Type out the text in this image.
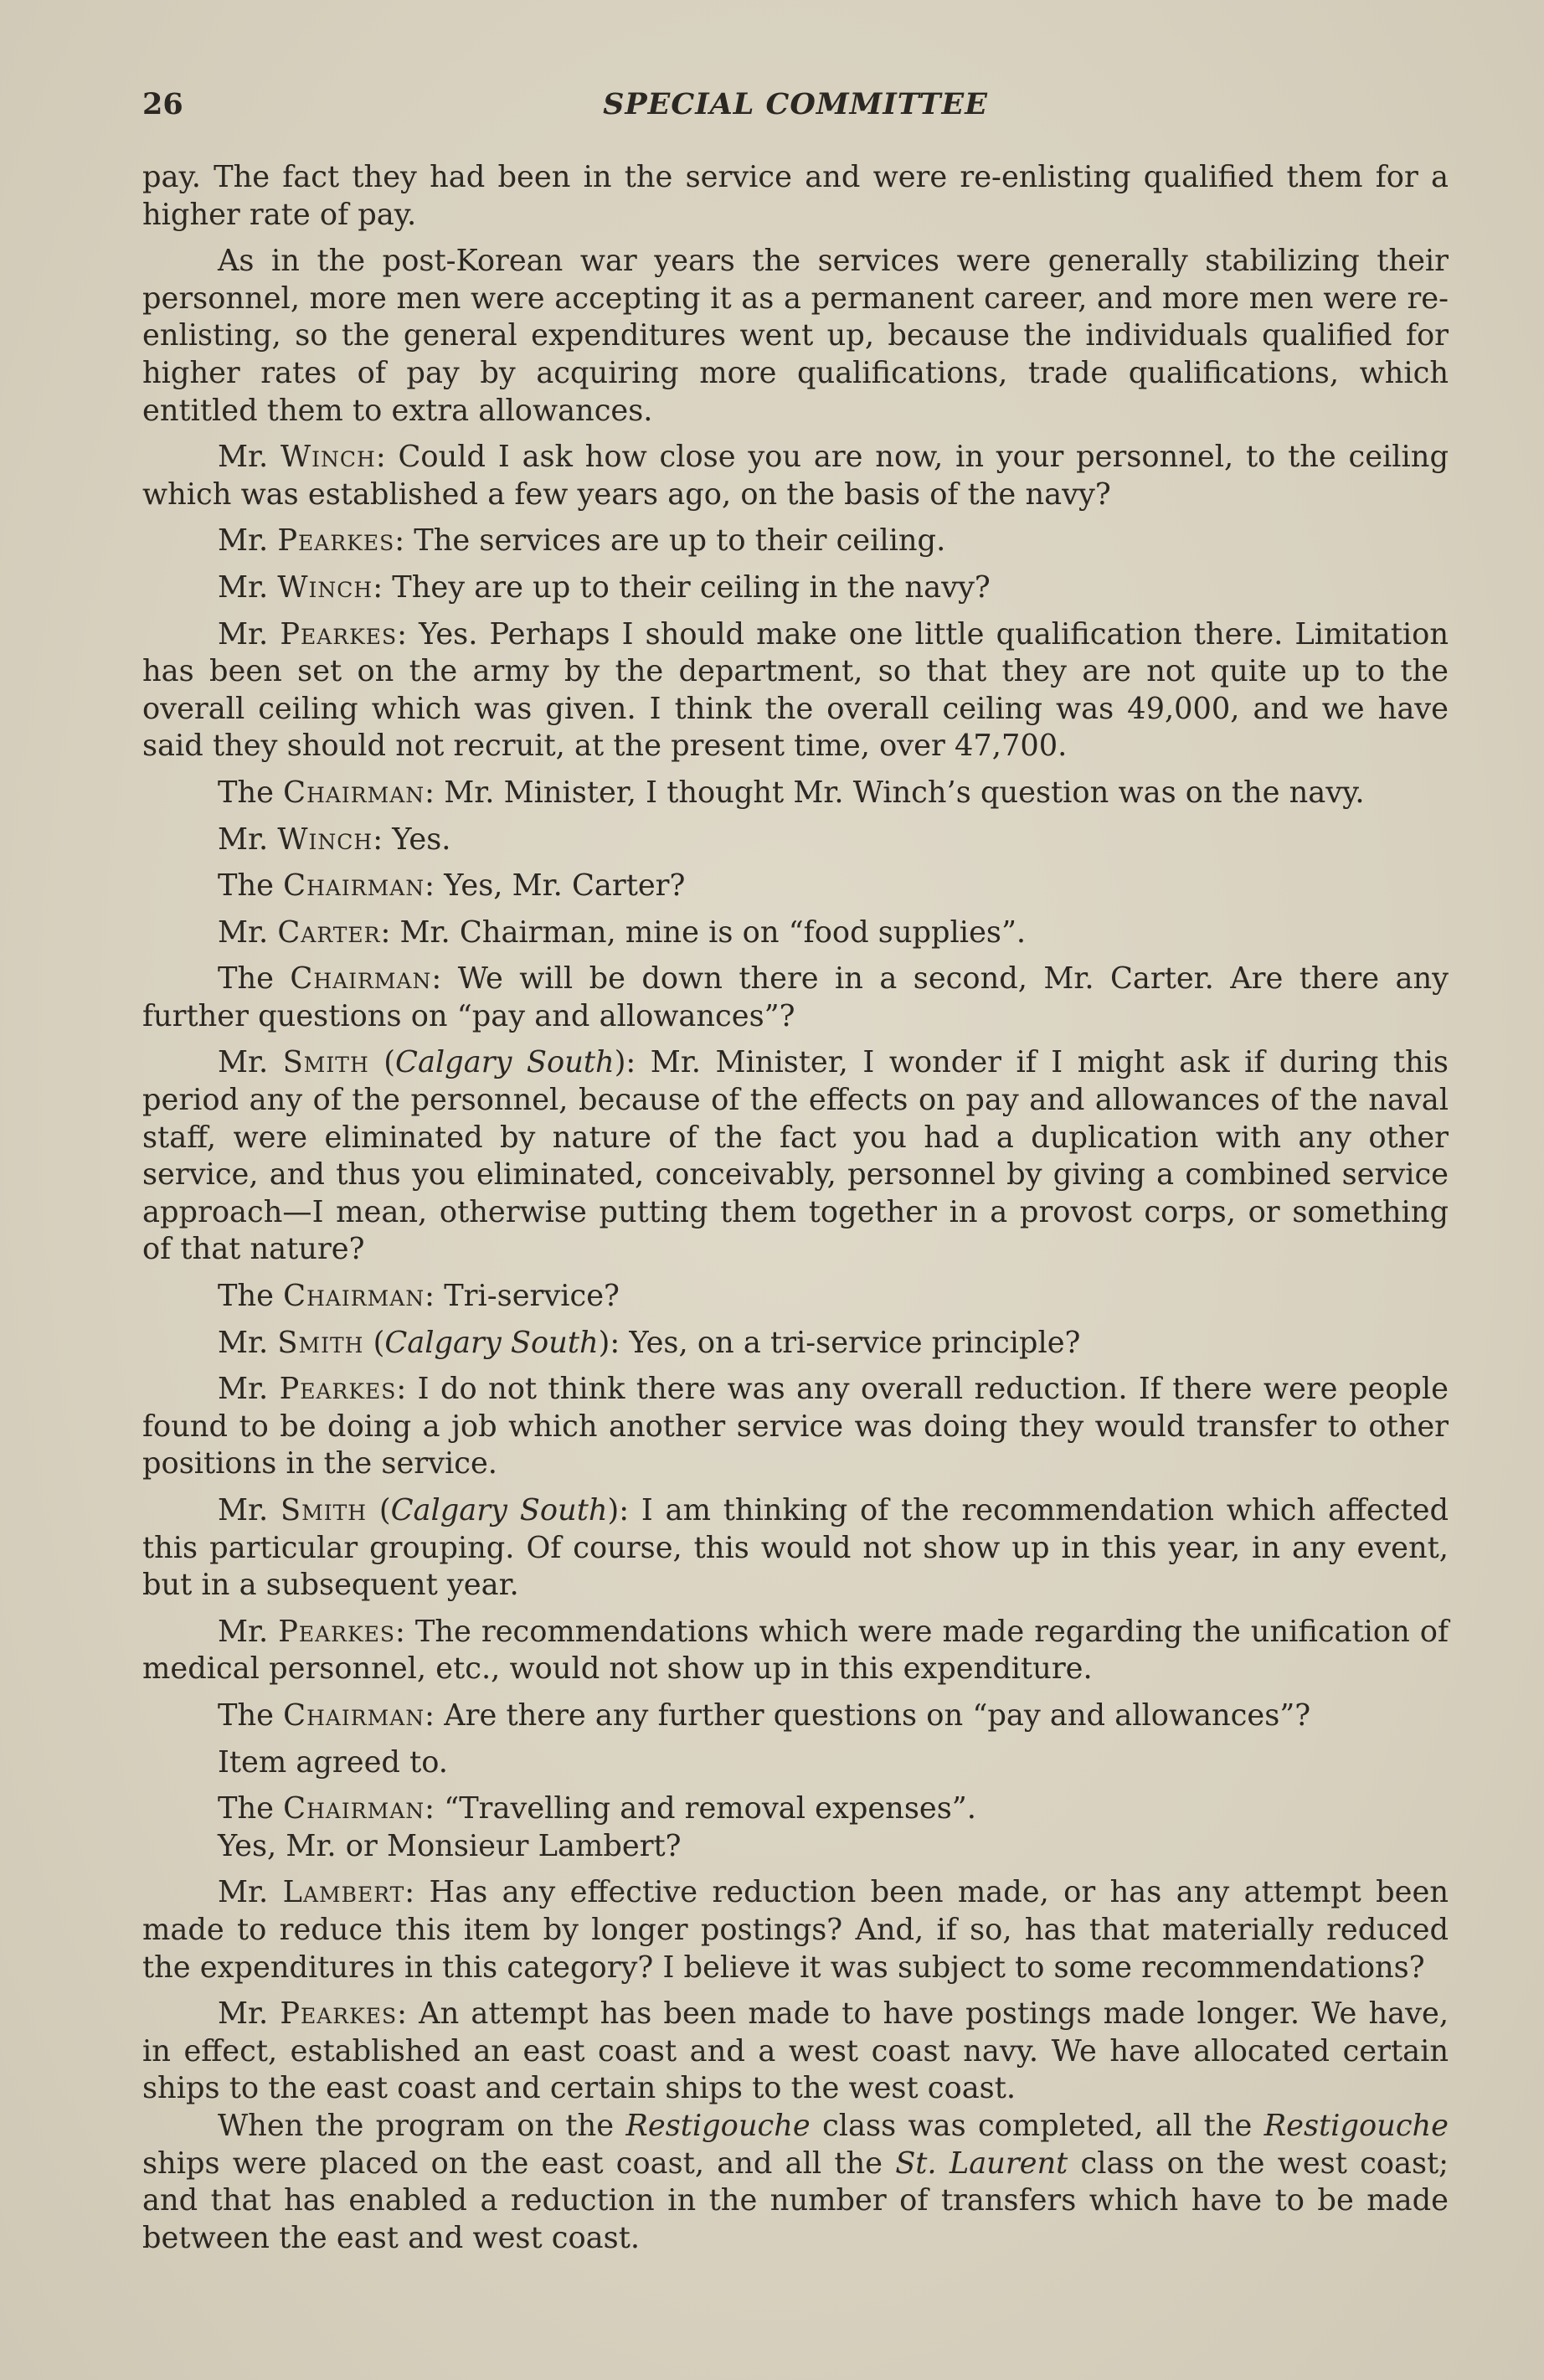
26	SPECIAL COMMITTEE

pay. The fact they had been in the service and were re-enlisting qualified them for a higher rate of pay.

As in the post-Korean war years the services were generally stabilizing their personnel, more men were accepting it as a permanent career, and more men were re-enlisting, so the general expenditures went up, because the individuals qualified for higher rates of pay by acquiring more qualifications, trade qualifications, which entitled them to extra allowances.

Mr. Winch: Could I ask how close you are now, in your personnel, to the ceiling which was established a few years ago, on the basis of the navy?

Mr. Pearkes: The services are up to their ceiling.

Mr. Winch: They are up to their ceiling in the navy?

Mr. Pearkes: Yes. Perhaps I should make one little qualification there. Limitation has been set on the army by the department, so that they are not quite up to the overall ceiling which was given. I think the overall ceiling was 49,000, and we have said they should not recruit, at the present time, over 47,700.

The Chairman: Mr. Minister, I thought Mr. Winch’s question was on the navy.

Mr. Winch: Yes.

The Chairman: Yes, Mr. Carter?

Mr. Carter: Mr. Chairman, mine is on “food supplies”.

The Chairman: We will be down there in a second, Mr. Carter. Are there any further questions on “pay and allowances”?

Mr. Smith (Calgary South): Mr. Minister, I wonder if I might ask if during this period any of the personnel, because of the effects on pay and allowances of the naval staff, were eliminated by nature of the fact you had a duplication with any other service, and thus you eliminated, conceivably, personnel by giving a combined service approach—I mean, otherwise putting them together in a provost corps, or something of that nature?

The Chairman: Tri-service?

Mr. Smith (Calgary South): Yes, on a tri-service principle?

Mr. Pearkes: I do not think there was any overall reduction. If there were people found to be doing a job which another service was doing they would transfer to other positions in the service.

Mr. Smith (Calgary South): I am thinking of the recommendation which affected this particular grouping. Of course, this would not show up in this year, in any event, but in a subsequent year.

Mr. Pearkes: The recommendations which were made regarding the unification of medical personnel, etc., would not show up in this expenditure.

The Chairman: Are there any further questions on “pay and allowances”?

Item agreed to.

The Chairman: “Travelling and removal expenses”.

Yes, Mr. or Monsieur Lambert?

Mr. Lambert: Has any effective reduction been made, or has any attempt been made to reduce this item by longer postings? And, if so, has that materially reduced the expenditures in this category? I believe it was subject to some recommendations?

Mr. Pearkes: An attempt has been made to have postings made longer. We have, in effect, established an east coast and a west coast navy. We have allocated certain ships to the east coast and certain ships to the west coast.

When the program on the Restigouche class was completed, all the Restigouche ships were placed on the east coast, and all the St. Laurent class on the west coast; and that has enabled a reduction in the number of transfers which have to be made between the east and west coast.
